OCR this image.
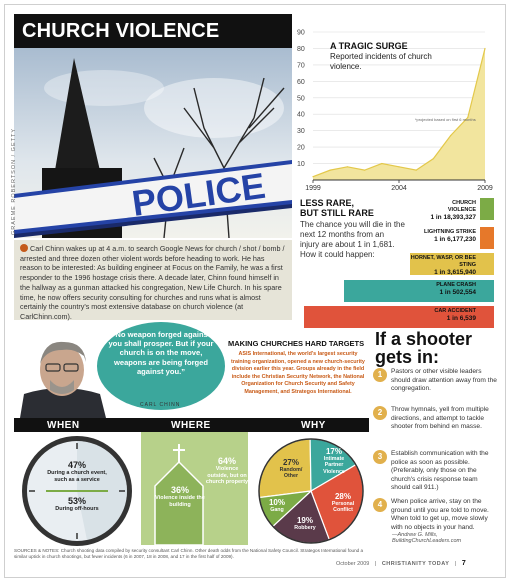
CHURCH VIOLENCE
POLICE
GRAEME ROBERTSON / GETTY
Carl Chinn wakes up at 4 a.m. to search Google News for church / shot / bomb / arrested and three dozen other violent words before heading to work. He has reason to be interested: As building engineer at Focus on the Family, he was a first responder to the 1996 hostage crisis there. A decade later, Chinn found himself in the hallway as a gunman attacked his congregation, New Life Church. In his spare time, he now offers security consulting for churches and runs what is almost certainly the country's most extensive database on church violence (at CarlChinn.com).
10
20
30
40
50
60
70
80
90
1999	2004	2009
A TRAGIC SURGE
Reported incidents of church violence.
*projected based on first 6 months
LESS RARE,
BUT STILL RARE
The chance you will die in the next 12 months from an injury are about 1 in 1,681. How it could happen:
CHURCH VIOLENCE
1 in 18,393,327
LIGHTNING STRIKE
1 in 6,177,230
HORNET, WASP, OR BEE STING
1 in 3,615,940
PLANE CRASH
1 in 502,554
CAR ACCIDENT
1 in 6,539
“No weapon forged against you shall prosper. But if your church is on the move, weapons are being forged against you.”
CARL CHINN
MAKING CHURCHES HARD TARGETS
ASIS International, the world's largest security training organization, opened a new church-security division earlier this year. Groups already in the field include the Christian Security Network, the National Organization for Church Security and Safety Management, and Strategos International.
If a shooter gets in:
1	Pastors or other visible leaders should draw attention away from the congregation.
2	Throw hymnals, yell from multiple directions, and attempt to tackle shooter from behind en masse.
3	Establish communication with the police as soon as possible. (Preferably, only those on the church's crisis response team should call 911.)
4	When police arrive, stay on the ground until you are told to move. When told to get up, move slowly with no objects in your hand.
—Andrew G. Mills, BuildingChurchLeaders.com
WHEN	WHERE	WHY
47%
During a church event, such as a service
53%
During off-hours
36%
Violence inside the building
64%
Violence outside, but on church property
17%
Intimate Partner Violence
28%
Personal Conflict
19%
Robbery
10%
Gang
27%
Random/ Other
SOURCES & NOTES: Church shooting data compiled by security consultant Carl Chinn. Other death odds from the National Safety Council. Strategos International found a similar uptick in church shootings, but fewer incidents (6 in 2007, 18 in 2008, and 17 in the first half of 2009).
October 2009 | CHRISTIANITY TODAY | 7
